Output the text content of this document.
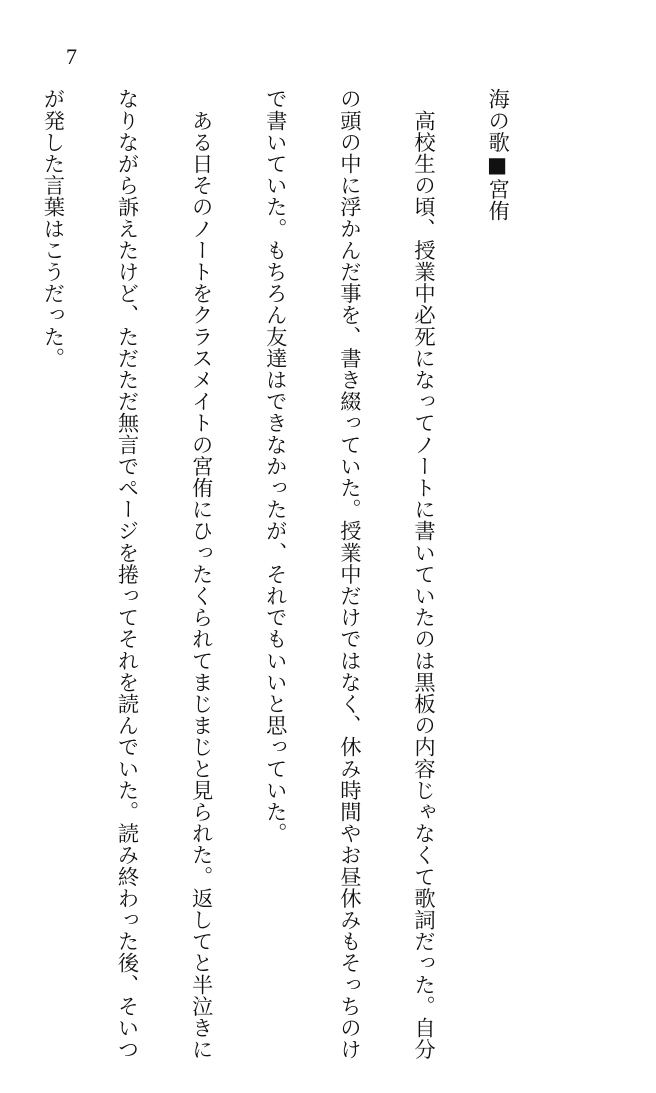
7

海の歌■宮侑

　高校生の頃、授業中必死になってノートに書いていたのは黒板の内容じゃなくて歌詞だった。自分

の頭の中に浮かんだ事を、書き綴っていた。授業中だけではなく、休み時間やお昼休みもそっちのけ

で書いていた。もちろん友達はできなかったが、それでもいいと思っていた。

　ある日そのノートをクラスメイトの宮侑にひったくられてまじまじと見られた。返してと半泣きに

なりながら訴えたけど、ただただ無言でページを捲ってそれを読んでいた。読み終わった後、そいつ

が発した言葉はこうだった。
